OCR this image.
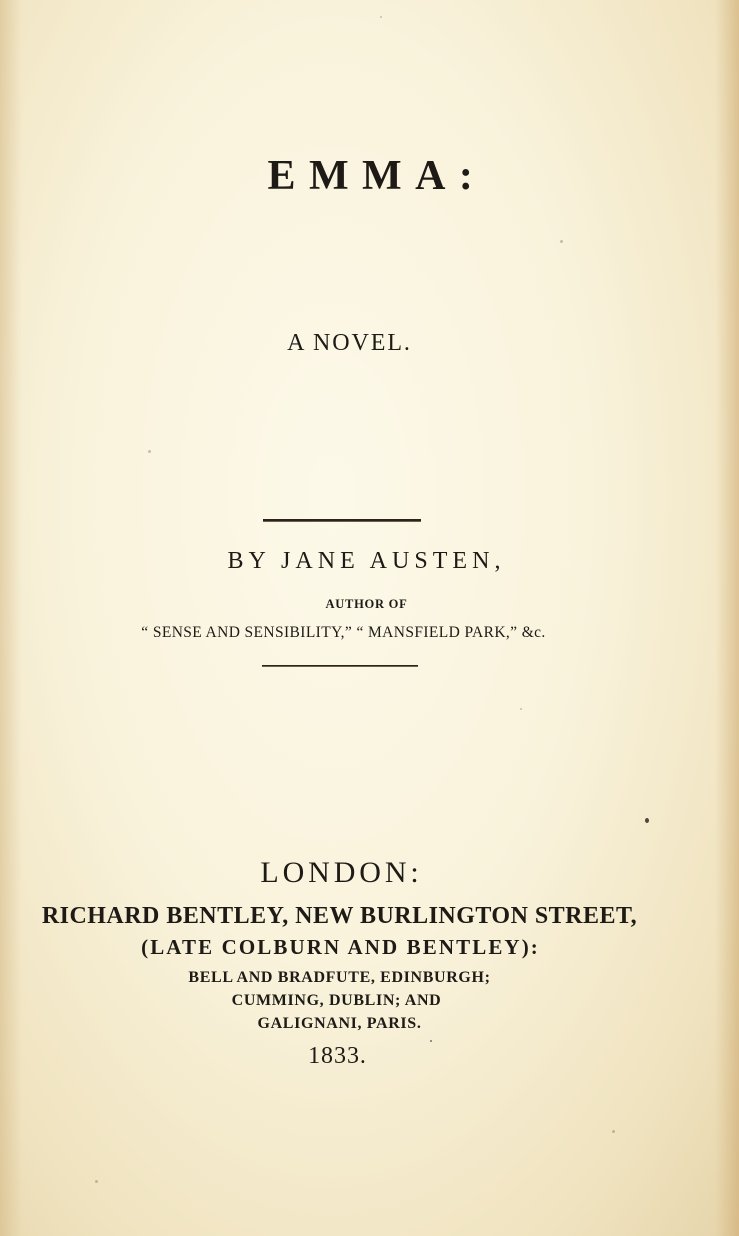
EMMA:

A NOVEL.

BY JANE AUSTEN,

AUTHOR OF

“ SENSE AND SENSIBILITY,” “ MANSFIELD PARK,” &c.

LONDON:

RICHARD BENTLEY, NEW BURLINGTON STREET,

(LATE COLBURN AND BENTLEY):

BELL AND BRADFUTE, EDINBURGH;

CUMMING, DUBLIN; AND

GALIGNANI, PARIS.

1833.
